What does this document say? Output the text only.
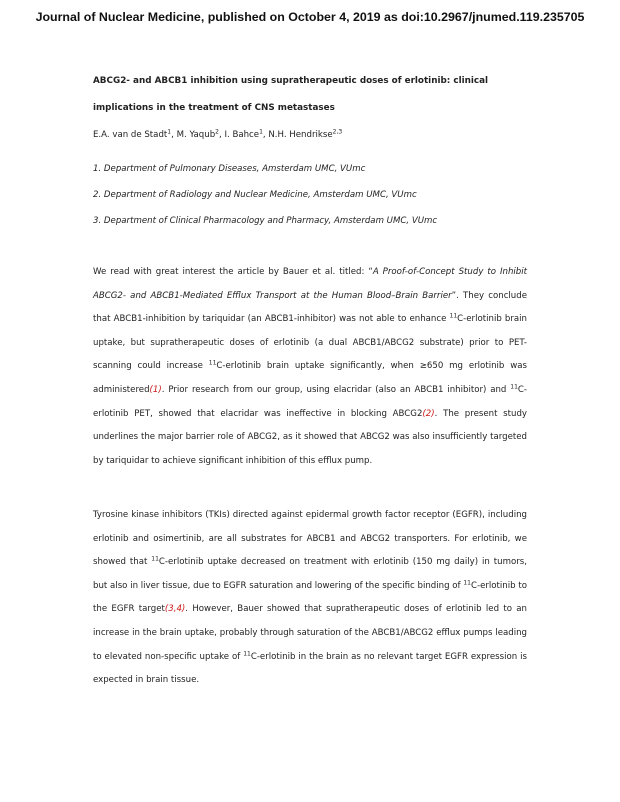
Journal of Nuclear Medicine, published on October 4, 2019 as doi:10.2967/jnumed.119.235705
ABCG2- and ABCB1 inhibition using supratherapeutic doses of erlotinib: clinical implications in the treatment of CNS metastases
E.A. van de Stadt$^1$, M. Yaqub$^2$, I. Bahce$^1$, N.H. Hendrikse$^{2,3}$
1. Department of Pulmonary Diseases, Amsterdam UMC, VUmc
2. Department of Radiology and Nuclear Medicine, Amsterdam UMC, VUmc
3. Department of Clinical Pharmacology and Pharmacy, Amsterdam UMC, VUmc
We read with great interest the article by Bauer et al. titled: “A Proof-of-Concept Study to Inhibit ABCG2- and ABCB1-Mediated Efflux Transport at the Human Blood–Brain Barrier”. They conclude that ABCB1-inhibition by tariquidar (an ABCB1-inhibitor) was not able to enhance $^{11}$C-erlotinib brain uptake, but supratherapeutic doses of erlotinib (a dual ABCB1/ABCG2 substrate) prior to PET-scanning could increase $^{11}$C-erlotinib brain uptake significantly, when ≥650 mg erlotinib was administered(1). Prior research from our group, using elacridar (also an ABCB1 inhibitor) and $^{11}$C-erlotinib PET, showed that elacridar was ineffective in blocking ABCG2(2). The present study underlines the major barrier role of ABCG2, as it showed that ABCG2 was also insufficiently targeted by tariquidar to achieve significant inhibition of this efflux pump.
Tyrosine kinase inhibitors (TKIs) directed against epidermal growth factor receptor (EGFR), including erlotinib and osimertinib, are all substrates for ABCB1 and ABCG2 transporters. For erlotinib, we showed that $^{11}$C-erlotinib uptake decreased on treatment with erlotinib (150 mg daily) in tumors, but also in liver tissue, due to EGFR saturation and lowering of the specific binding of $^{11}$C-erlotinib to the EGFR target(3,4). However, Bauer showed that supratherapeutic doses of erlotinib led to an increase in the brain uptake, probably through saturation of the ABCB1/ABCG2 efflux pumps leading to elevated non-specific uptake of $^{11}$C-erlotinib in the brain as no relevant target EGFR expression is expected in brain tissue.
